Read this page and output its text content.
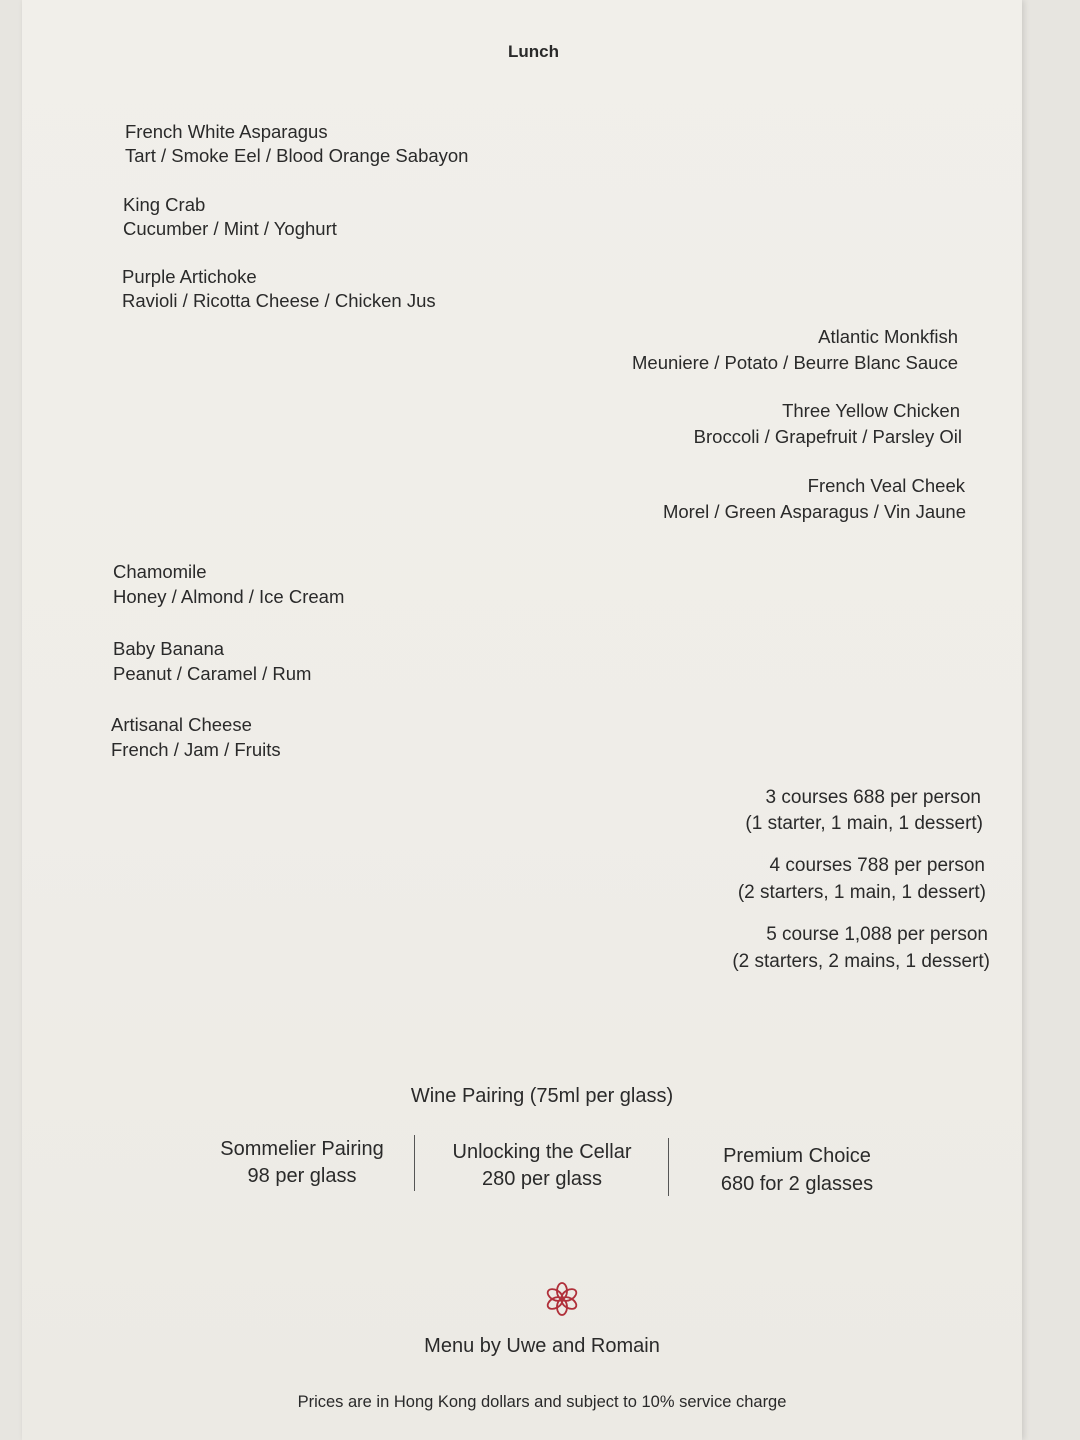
Lunch
French White Asparagus
Tart / Smoke Eel / Blood Orange Sabayon
King Crab
Cucumber / Mint / Yoghurt
Purple Artichoke
Ravioli / Ricotta Cheese / Chicken Jus
Atlantic Monkfish
Meuniere / Potato / Beurre Blanc Sauce
Three Yellow Chicken
Broccoli / Grapefruit / Parsley Oil
French Veal Cheek
Morel / Green Asparagus / Vin Jaune
Chamomile
Honey / Almond / Ice Cream
Baby Banana
Peanut / Caramel / Rum
Artisanal Cheese
French / Jam / Fruits
3 courses 688 per person
(1 starter, 1 main, 1 dessert)
4 courses 788 per person
(2 starters, 1 main, 1 dessert)
5 course 1,088 per person
(2 starters, 2 mains, 1 dessert)
Wine Pairing (75ml per glass)
Sommelier Pairing
98 per glass
Unlocking the Cellar
280 per glass
Premium Choice
680 for 2 glasses
Menu by Uwe and Romain
Prices are in Hong Kong dollars and subject to 10% service charge
